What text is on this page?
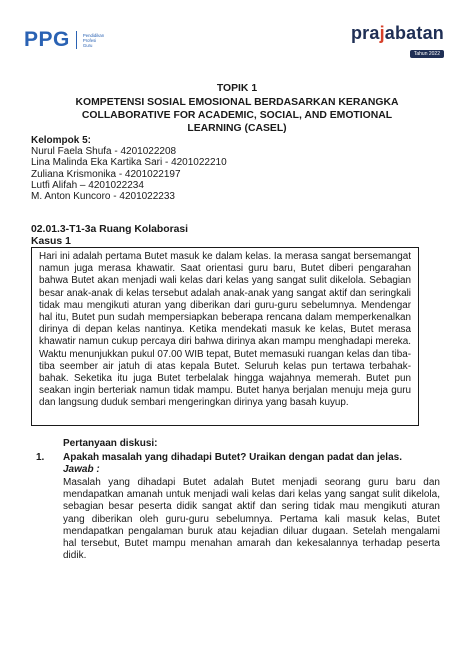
PPG	Pendidikan
Profesi
Guru
prajabatan
Tahun 2022
TOPIK 1
KOMPETENSI SOSIAL EMOSIONAL BERDASARKAN KERANGKA
COLLABORATIVE FOR ACADEMIC, SOCIAL, AND EMOTIONAL
LEARNING (CASEL)
Kelompok 5:
Nurul Faela Shufa - 4201022208
Lina Malinda Eka Kartika Sari - 4201022210
Zuliana Krismonika - 4201022197
Lutfi Alifah – 4201022234
M. Anton Kuncoro - 4201022233
02.01.3-T1-3a Ruang Kolaborasi
Kasus 1
Hari ini adalah pertama Butet masuk ke dalam kelas. Ia merasa sangat bersemangat namun juga merasa khawatir. Saat orientasi guru baru, Butet diberi pengarahan bahwa Butet akan menjadi wali kelas dari kelas yang sangat sulit dikelola. Sebagian besar anak-anak di kelas tersebut adalah anak-anak yang sangat aktif dan seringkali tidak mau mengikuti aturan yang diberikan dari guru-guru sebelumnya. Mendengar hal itu, Butet pun sudah mempersiapkan beberapa rencana dalam memperkenalkan dirinya di depan kelas nantinya. Ketika mendekati masuk ke kelas, Butet merasa khawatir namun cukup percaya diri bahwa dirinya akan mampu menghadapi mereka. Waktu menunjukkan pukul 07.00 WIB tepat, Butet memasuki ruangan kelas dan tiba-tiba seember air jatuh di atas kepala Butet. Seluruh kelas pun tertawa terbahak-bahak. Seketika itu juga Butet terbelalak hingga wajahnya memerah. Butet pun seakan ingin berteriak namun tidak mampu. Butet hanya berjalan menuju meja guru dan langsung duduk sembari mengeringkan dirinya yang basah kuyup.
Pertanyaan diskusi:
1.	Apakah masalah yang dihadapi Butet? Uraikan dengan padat dan jelas.
Jawab :
Masalah yang dihadapi Butet adalah Butet menjadi seorang guru baru dan mendapatkan amanah untuk menjadi wali kelas dari kelas yang sangat sulit dikelola, sebagian besar peserta didik sangat aktif dan sering tidak mau mengikuti aturan yang diberikan oleh guru-guru sebelumnya. Pertama kali masuk kelas, Butet mendapatkan pengalaman buruk atau kejadian diluar dugaan. Setelah mengalami hal tersebut, Butet mampu menahan amarah dan kekesalannya terhadap peserta didik.
